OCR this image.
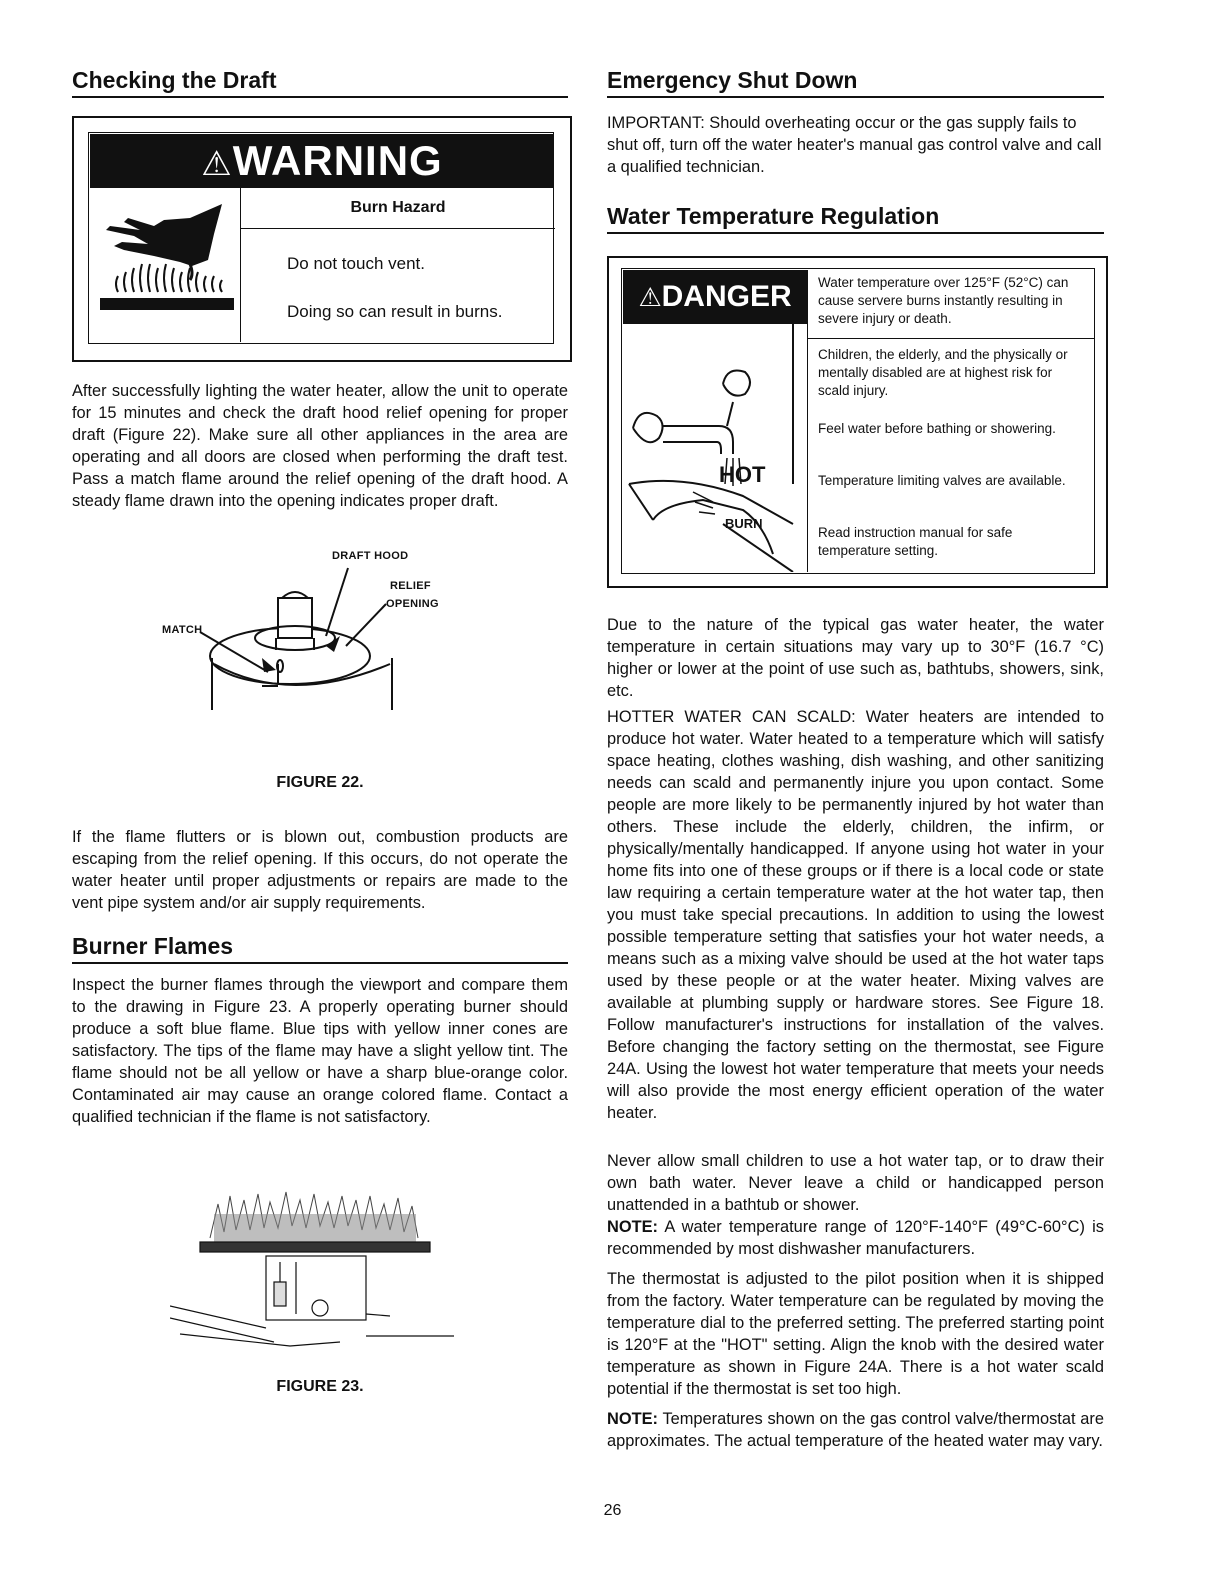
Checking the Draft
⚠WARNING
Burn Hazard
Do not touch vent.
Doing so can result in burns.

After successfully lighting the water heater, allow the unit to operate for 15 minutes and check the draft hood relief opening for proper draft (Figure 22). Make sure all other appliances in the area are operating and all doors are closed when performing the draft test. Pass a match flame around the relief opening of the draft hood. A steady flame drawn into the opening indicates proper draft.

DRAFT HOOD
RELIEF
OPENING
MATCH
FIGURE 22.

If the flame flutters or is blown out, combustion products are escaping from the relief opening. If this occurs, do not operate the water heater until proper adjustments or repairs are made to the vent pipe system and/or air supply requirements.

Burner Flames

Inspect the burner flames through the viewport and compare them to the drawing in Figure 23. A properly operating burner should produce a soft blue flame. Blue tips with yellow inner cones are satisfactory. The tips of the flame may have a slight yellow tint. The flame should not be all yellow or have a sharp blue-orange color. Contaminated air may cause an orange colored flame. Contact a qualified technician if the flame is not satisfactory.

FIGURE 23.
Emergency Shut Down

IMPORTANT: Should overheating occur or the gas supply fails to shut off, turn off the water heater's manual gas control valve and call a qualified technician.

Water Temperature Regulation
⚠DANGER	Water temperature over 125°F (52°C) can cause servere burns instantly resulting in severe injury or death.
Children, the elderly, and the physically or mentally disabled are at highest risk for scald injury.
Feel water before bathing or showering.
Temperature limiting valves are available.
Read instruction manual for safe temperature setting.
HOT
BURN

Due to the nature of the typical gas water heater, the water temperature in certain situations may vary up to 30°F (16.7 °C) higher or lower at the point of use such as, bathtubs, showers, sink, etc.

HOTTER WATER CAN SCALD: Water heaters are intended to produce hot water. Water heated to a temperature which will satisfy space heating, clothes washing, dish washing, and other sanitizing needs can scald and permanently injure you upon contact. Some people are more likely to be permanently injured by hot water than others. These include the elderly, children, the infirm, or physically/mentally handicapped. If anyone using hot water in your home fits into one of these groups or if there is a local code or state law requiring a certain temperature water at the hot water tap, then you must take special precautions. In addition to using the lowest possible temperature setting that satisfies your hot water needs, a means such as a mixing valve should be used at the hot water taps used by these people or at the water heater. Mixing valves are available at plumbing supply or hardware stores. See Figure 18. Follow manufacturer's instructions for installation of the valves. Before changing the factory setting on the thermostat, see Figure 24A. Using the lowest hot water temperature that meets your needs will also provide the most energy efficient operation of the water heater.

Never allow small children to use a hot water tap, or to draw their own bath water. Never leave a child or handicapped person unattended in a bathtub or shower.

NOTE: A water temperature range of 120°F-140°F (49°C-60°C) is recommended by most dishwasher manufacturers.

The thermostat is adjusted to the pilot position when it is shipped from the factory. Water temperature can be regulated by moving the temperature dial to the preferred setting. The preferred starting point is 120°F at the "HOT" setting. Align the knob with the desired water temperature as shown in Figure 24A. There is a hot water scald potential if the thermostat is set too high.

NOTE: Temperatures shown on the gas control valve/thermostat are approximates. The actual temperature of the heated water may vary.

26
